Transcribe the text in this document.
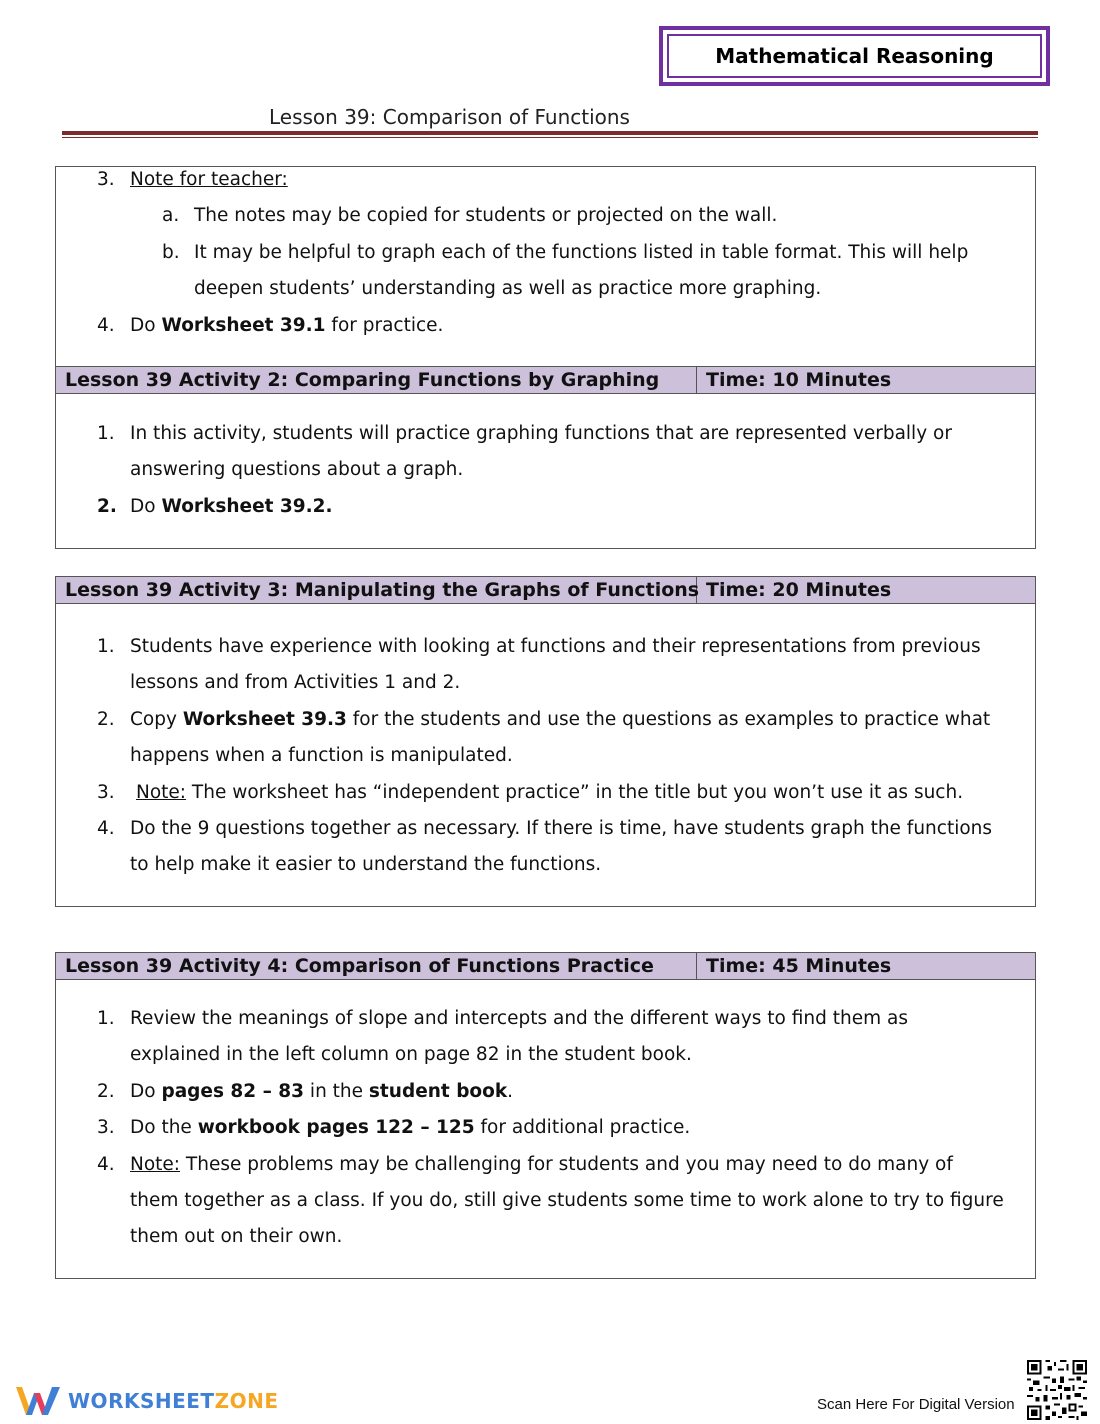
Mathematical Reasoning
Lesson 39: Comparison of Functions
3. Note for teacher:
a. The notes may be copied for students or projected on the wall.
b. It may be helpful to graph each of the functions listed in table format. This will help
deepen students’ understanding as well as practice more graphing.
4. Do Worksheet 39.1 for practice.
Lesson 39 Activity 2: Comparing Functions by Graphing	Time: 10 Minutes
1. In this activity, students will practice graphing functions that are represented verbally or
answering questions about a graph.
2. Do Worksheet 39.2.
Lesson 39 Activity 3: Manipulating the Graphs of Functions Time: 20 Minutes
1. Students have experience with looking at functions and their representations from previous
lessons and from Activities 1 and 2.
2. Copy Worksheet 39.3 for the students and use the questions as examples to practice what
happens when a function is manipulated.
3. Note: The worksheet has “independent practice” in the title but you won’t use it as such.
4. Do the 9 questions together as necessary. If there is time, have students graph the functions
to help make it easier to understand the functions.
Lesson 39 Activity 4: Comparison of Functions Practice	Time: 45 Minutes
1. Review the meanings of slope and intercepts and the different ways to find them as
explained in the left column on page 82 in the student book.
2. Do pages 82 – 83 in the student book.
3. Do the workbook pages 122 – 125 for additional practice.
4. Note: These problems may be challenging for students and you may need to do many of
them together as a class. If you do, still give students some time to work alone to try to figure
them out on their own.
WORKSHEETZONE	Scan Here For Digital Version
